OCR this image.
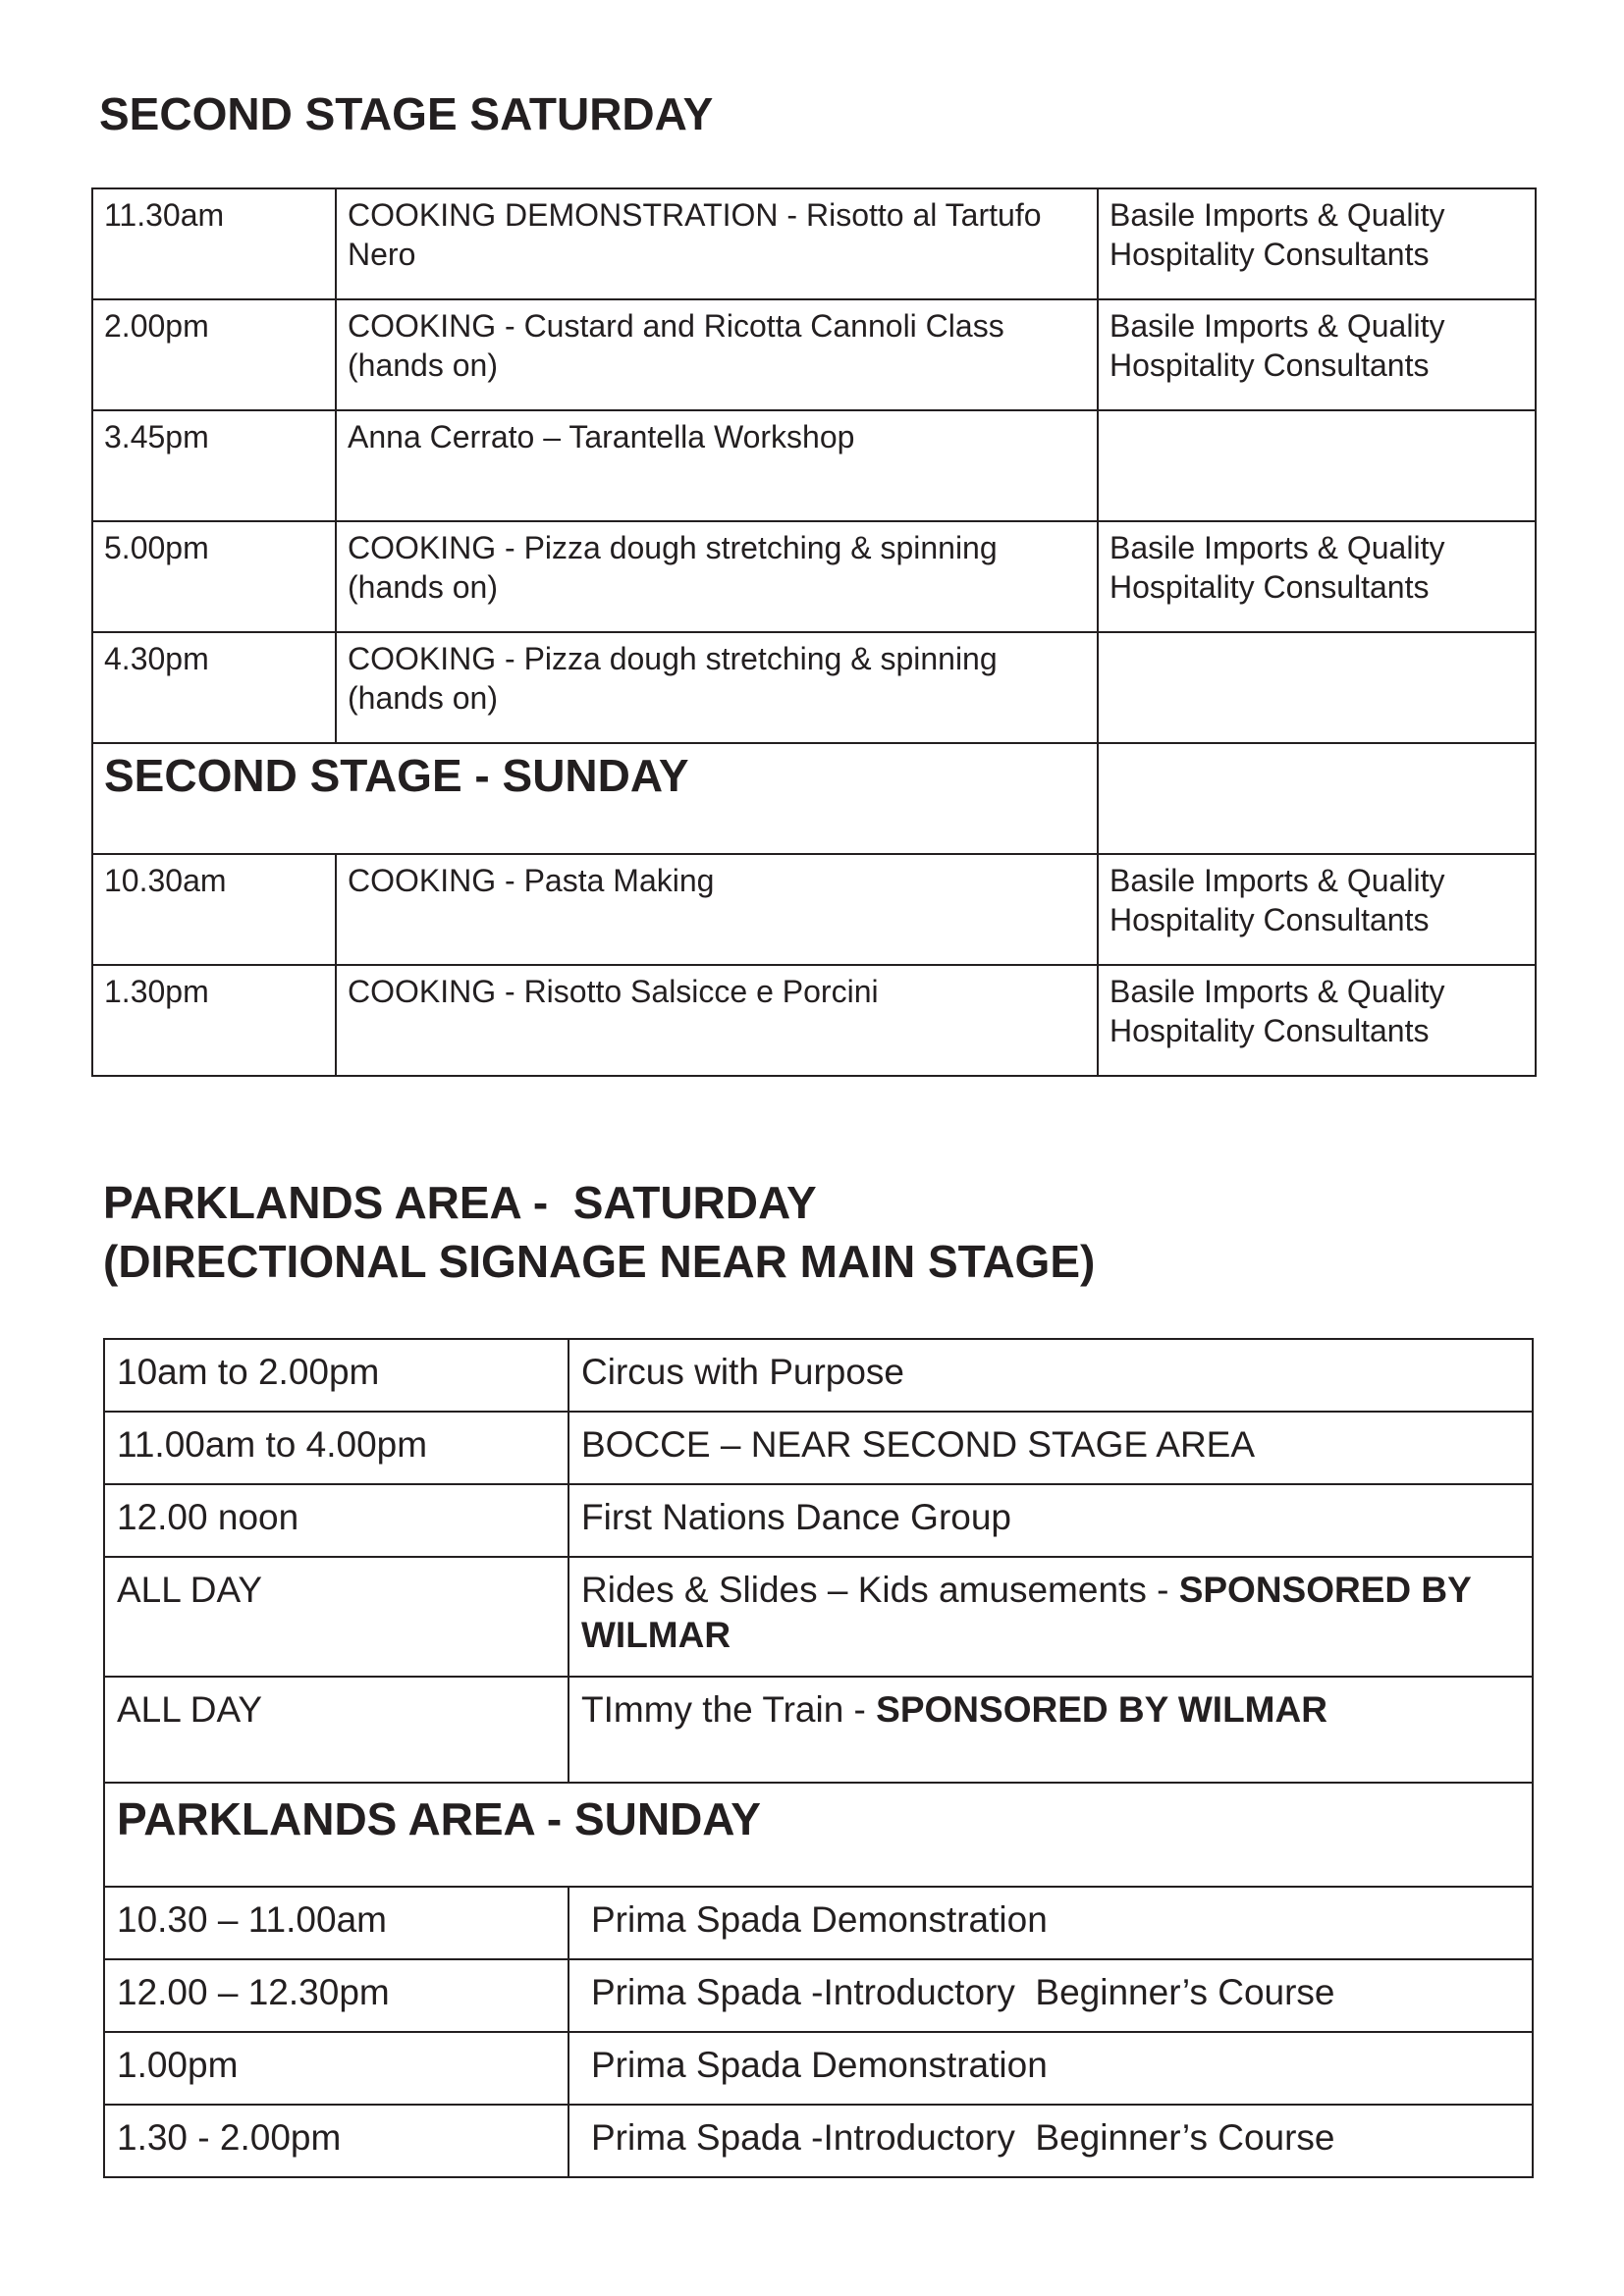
SECOND STAGE SATURDAY
11.30am	COOKING DEMONSTRATION - Risotto al Tartufo Nero	Basile Imports & Quality Hospitality Consultants
2.00pm	COOKING - Custard and Ricotta Cannoli Class (hands on)	Basile Imports & Quality Hospitality Consultants
3.45pm	Anna Cerrato – Tarantella Workshop	
5.00pm	COOKING - Pizza dough stretching & spinning (hands on)	Basile Imports & Quality Hospitality Consultants
4.30pm	COOKING - Pizza dough stretching & spinning (hands on)	
SECOND STAGE - SUNDAY		
10.30am	COOKING - Pasta Making	Basile Imports & Quality Hospitality Consultants
1.30pm	COOKING - Risotto Salsicce e Porcini	Basile Imports & Quality Hospitality Consultants
PARKLANDS AREA -  SATURDAY
(DIRECTIONAL SIGNAGE NEAR MAIN STAGE)
10am to 2.00pm	Circus with Purpose
11.00am to 4.00pm	BOCCE – NEAR SECOND STAGE AREA
12.00 noon	First Nations Dance Group
ALL DAY	Rides & Slides – Kids amusements - SPONSORED BY WILMAR
ALL DAY	TImmy the Train - SPONSORED BY WILMAR
PARKLANDS AREA - SUNDAY	
10.30 – 11.00am	Prima Spada Demonstration
12.00 – 12.30pm	Prima Spada -Introductory  Beginner’s Course
1.00pm	Prima Spada Demonstration
1.30 - 2.00pm	Prima Spada -Introductory  Beginner’s Course
